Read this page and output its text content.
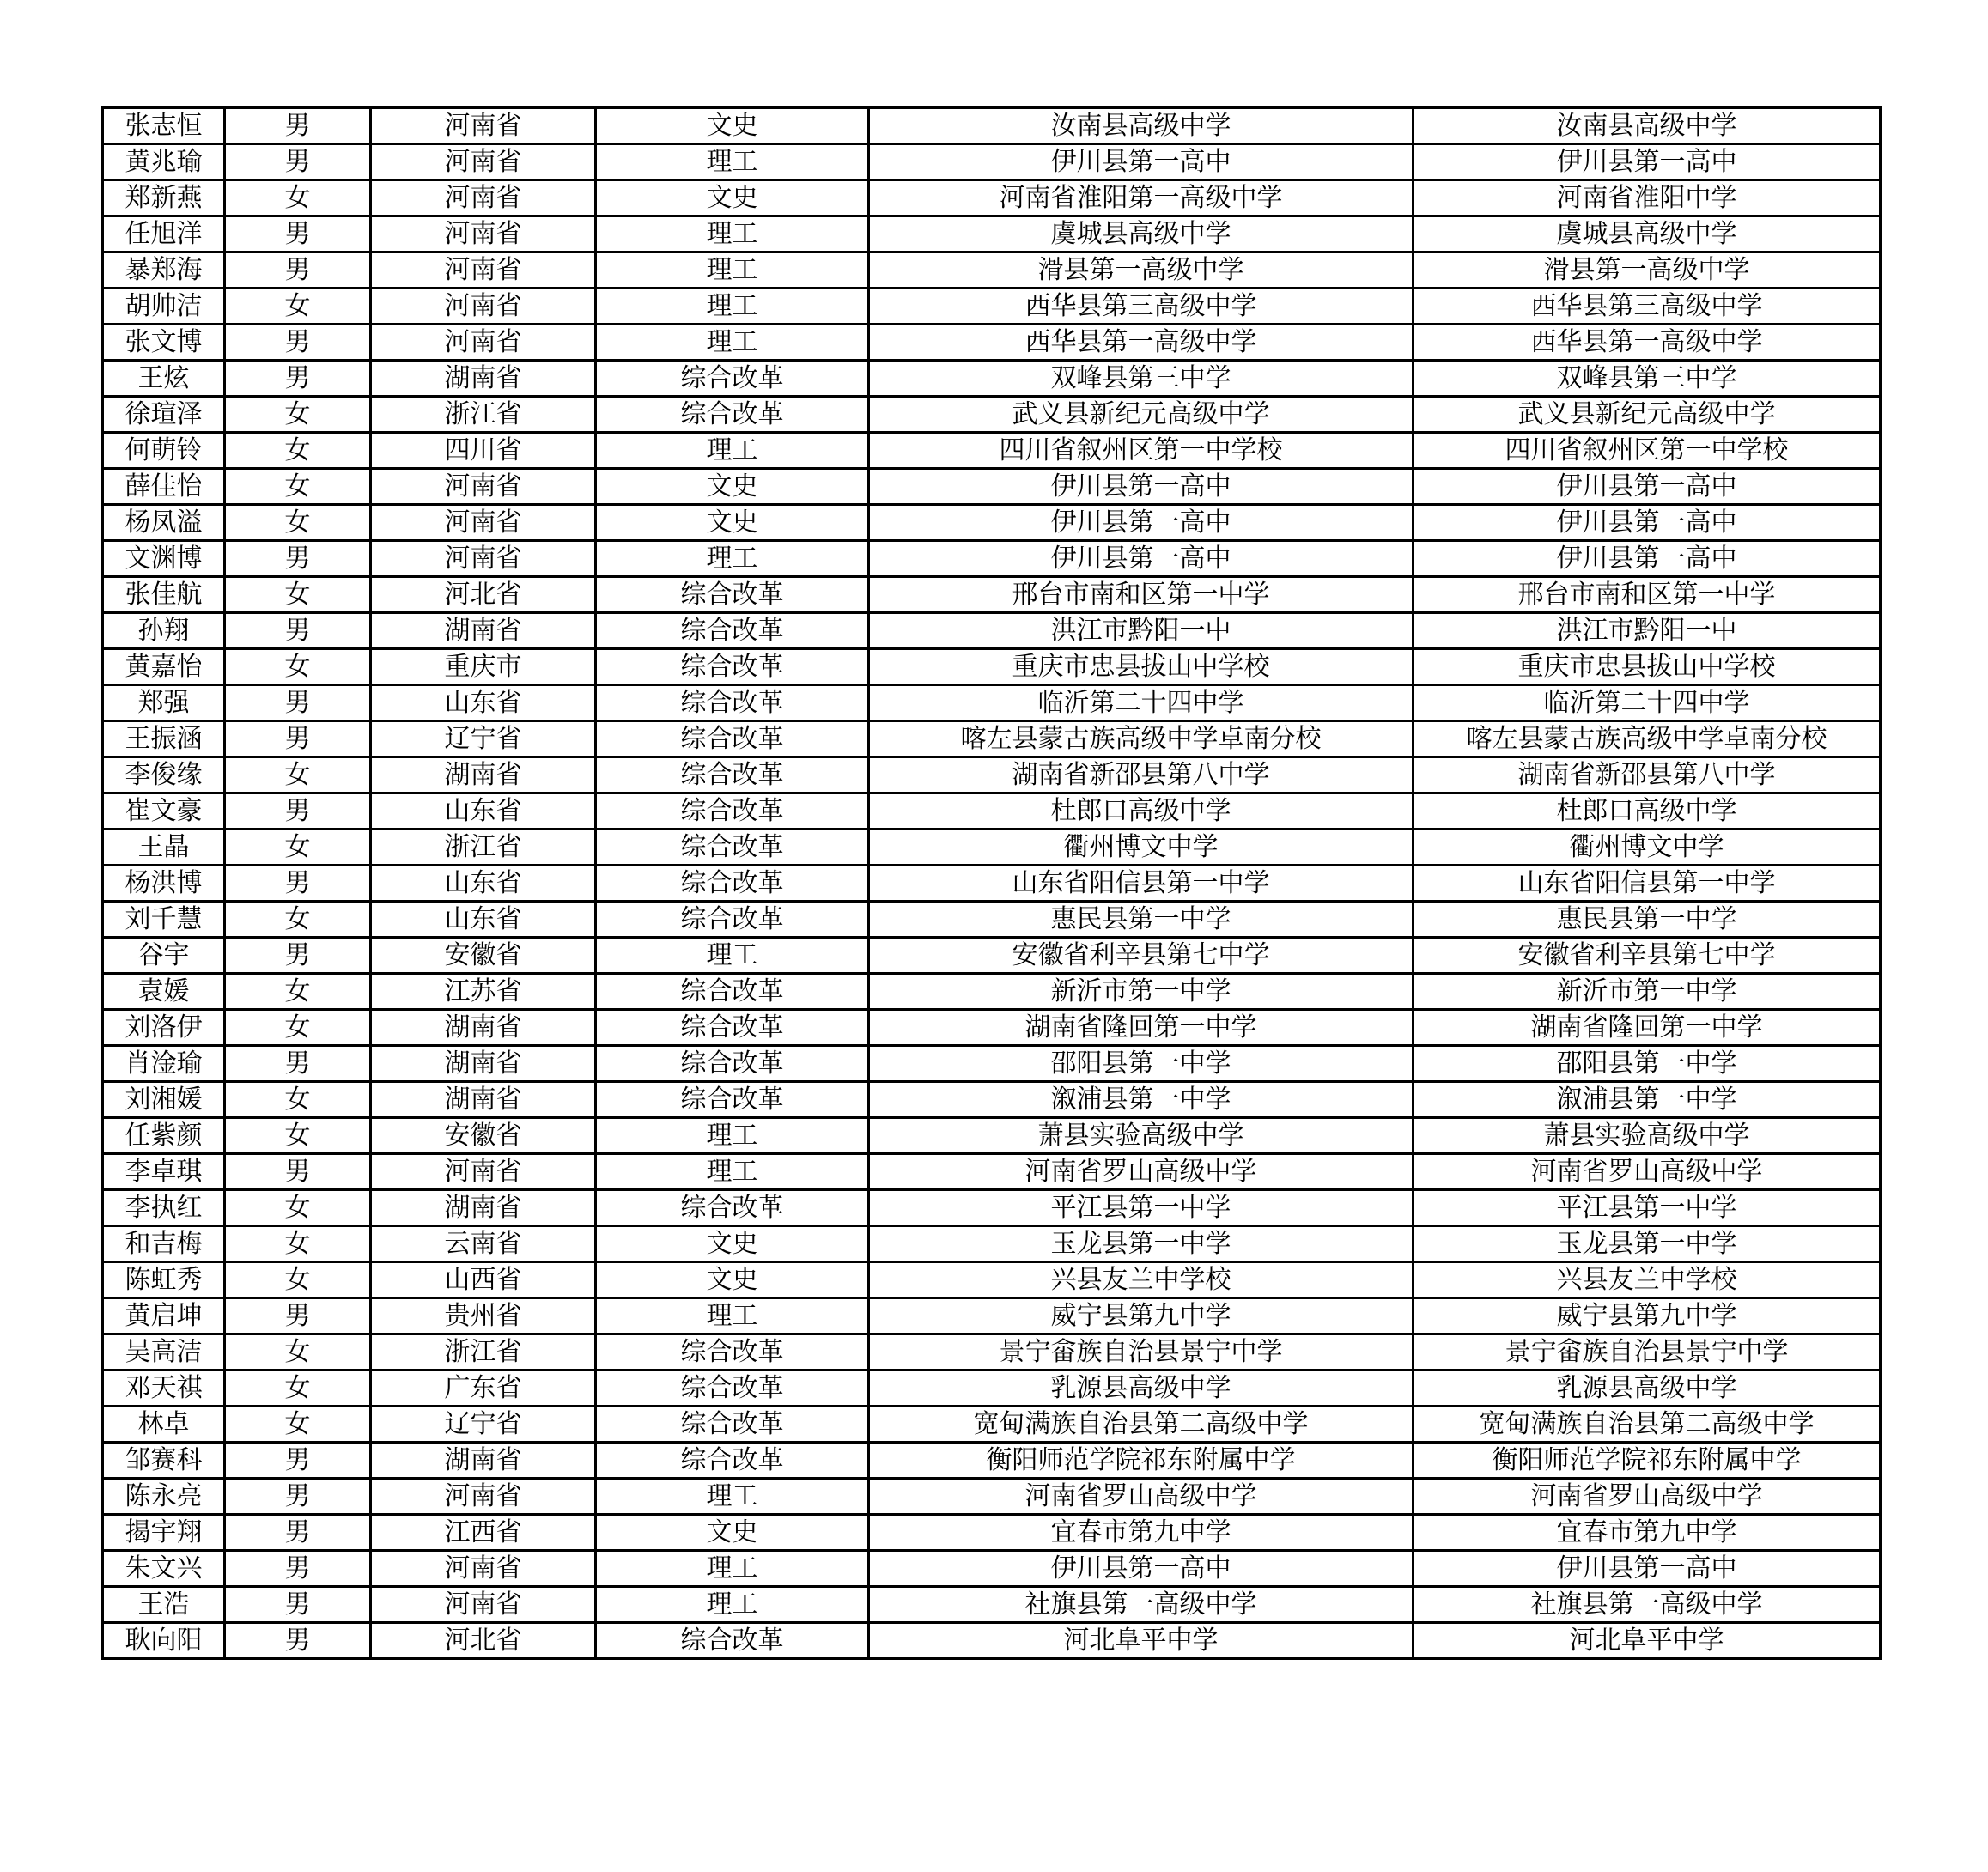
张志恒	男	河南省	文史	汝南县高级中学	汝南县高级中学
黄兆瑜	男	河南省	理工	伊川县第一高中	伊川县第一高中
郑新燕	女	河南省	文史	河南省淮阳第一高级中学	河南省淮阳中学
任旭洋	男	河南省	理工	虞城县高级中学	虞城县高级中学
暴郑海	男	河南省	理工	滑县第一高级中学	滑县第一高级中学
胡帅洁	女	河南省	理工	西华县第三高级中学	西华县第三高级中学
张文博	男	河南省	理工	西华县第一高级中学	西华县第一高级中学
王炫	男	湖南省	综合改革	双峰县第三中学	双峰县第三中学
徐瑄泽	女	浙江省	综合改革	武义县新纪元高级中学	武义县新纪元高级中学
何萌铃	女	四川省	理工	四川省叙州区第一中学校	四川省叙州区第一中学校
薛佳怡	女	河南省	文史	伊川县第一高中	伊川县第一高中
杨凤溢	女	河南省	文史	伊川县第一高中	伊川县第一高中
文渊博	男	河南省	理工	伊川县第一高中	伊川县第一高中
张佳航	女	河北省	综合改革	邢台市南和区第一中学	邢台市南和区第一中学
孙翔	男	湖南省	综合改革	洪江市黔阳一中	洪江市黔阳一中
黄嘉怡	女	重庆市	综合改革	重庆市忠县拔山中学校	重庆市忠县拔山中学校
郑强	男	山东省	综合改革	临沂第二十四中学	临沂第二十四中学
王振涵	男	辽宁省	综合改革	喀左县蒙古族高级中学卓南分校	喀左县蒙古族高级中学卓南分校
李俊缘	女	湖南省	综合改革	湖南省新邵县第八中学	湖南省新邵县第八中学
崔文豪	男	山东省	综合改革	杜郎口高级中学	杜郎口高级中学
王晶	女	浙江省	综合改革	衢州博文中学	衢州博文中学
杨洪博	男	山东省	综合改革	山东省阳信县第一中学	山东省阳信县第一中学
刘千慧	女	山东省	综合改革	惠民县第一中学	惠民县第一中学
谷宇	男	安徽省	理工	安徽省利辛县第七中学	安徽省利辛县第七中学
袁媛	女	江苏省	综合改革	新沂市第一中学	新沂市第一中学
刘洛伊	女	湖南省	综合改革	湖南省隆回第一中学	湖南省隆回第一中学
肖淦瑜	男	湖南省	综合改革	邵阳县第一中学	邵阳县第一中学
刘湘媛	女	湖南省	综合改革	溆浦县第一中学	溆浦县第一中学
任紫颜	女	安徽省	理工	萧县实验高级中学	萧县实验高级中学
李卓琪	男	河南省	理工	河南省罗山高级中学	河南省罗山高级中学
李执红	女	湖南省	综合改革	平江县第一中学	平江县第一中学
和吉梅	女	云南省	文史	玉龙县第一中学	玉龙县第一中学
陈虹秀	女	山西省	文史	兴县友兰中学校	兴县友兰中学校
黄启坤	男	贵州省	理工	威宁县第九中学	威宁县第九中学
吴高洁	女	浙江省	综合改革	景宁畲族自治县景宁中学	景宁畲族自治县景宁中学
邓天祺	女	广东省	综合改革	乳源县高级中学	乳源县高级中学
林卓	女	辽宁省	综合改革	宽甸满族自治县第二高级中学	宽甸满族自治县第二高级中学
邹赛科	男	湖南省	综合改革	衡阳师范学院祁东附属中学	衡阳师范学院祁东附属中学
陈永亮	男	河南省	理工	河南省罗山高级中学	河南省罗山高级中学
揭宇翔	男	江西省	文史	宜春市第九中学	宜春市第九中学
朱文兴	男	河南省	理工	伊川县第一高中	伊川县第一高中
王浩	男	河南省	理工	社旗县第一高级中学	社旗县第一高级中学
耿向阳	男	河北省	综合改革	河北阜平中学	河北阜平中学
